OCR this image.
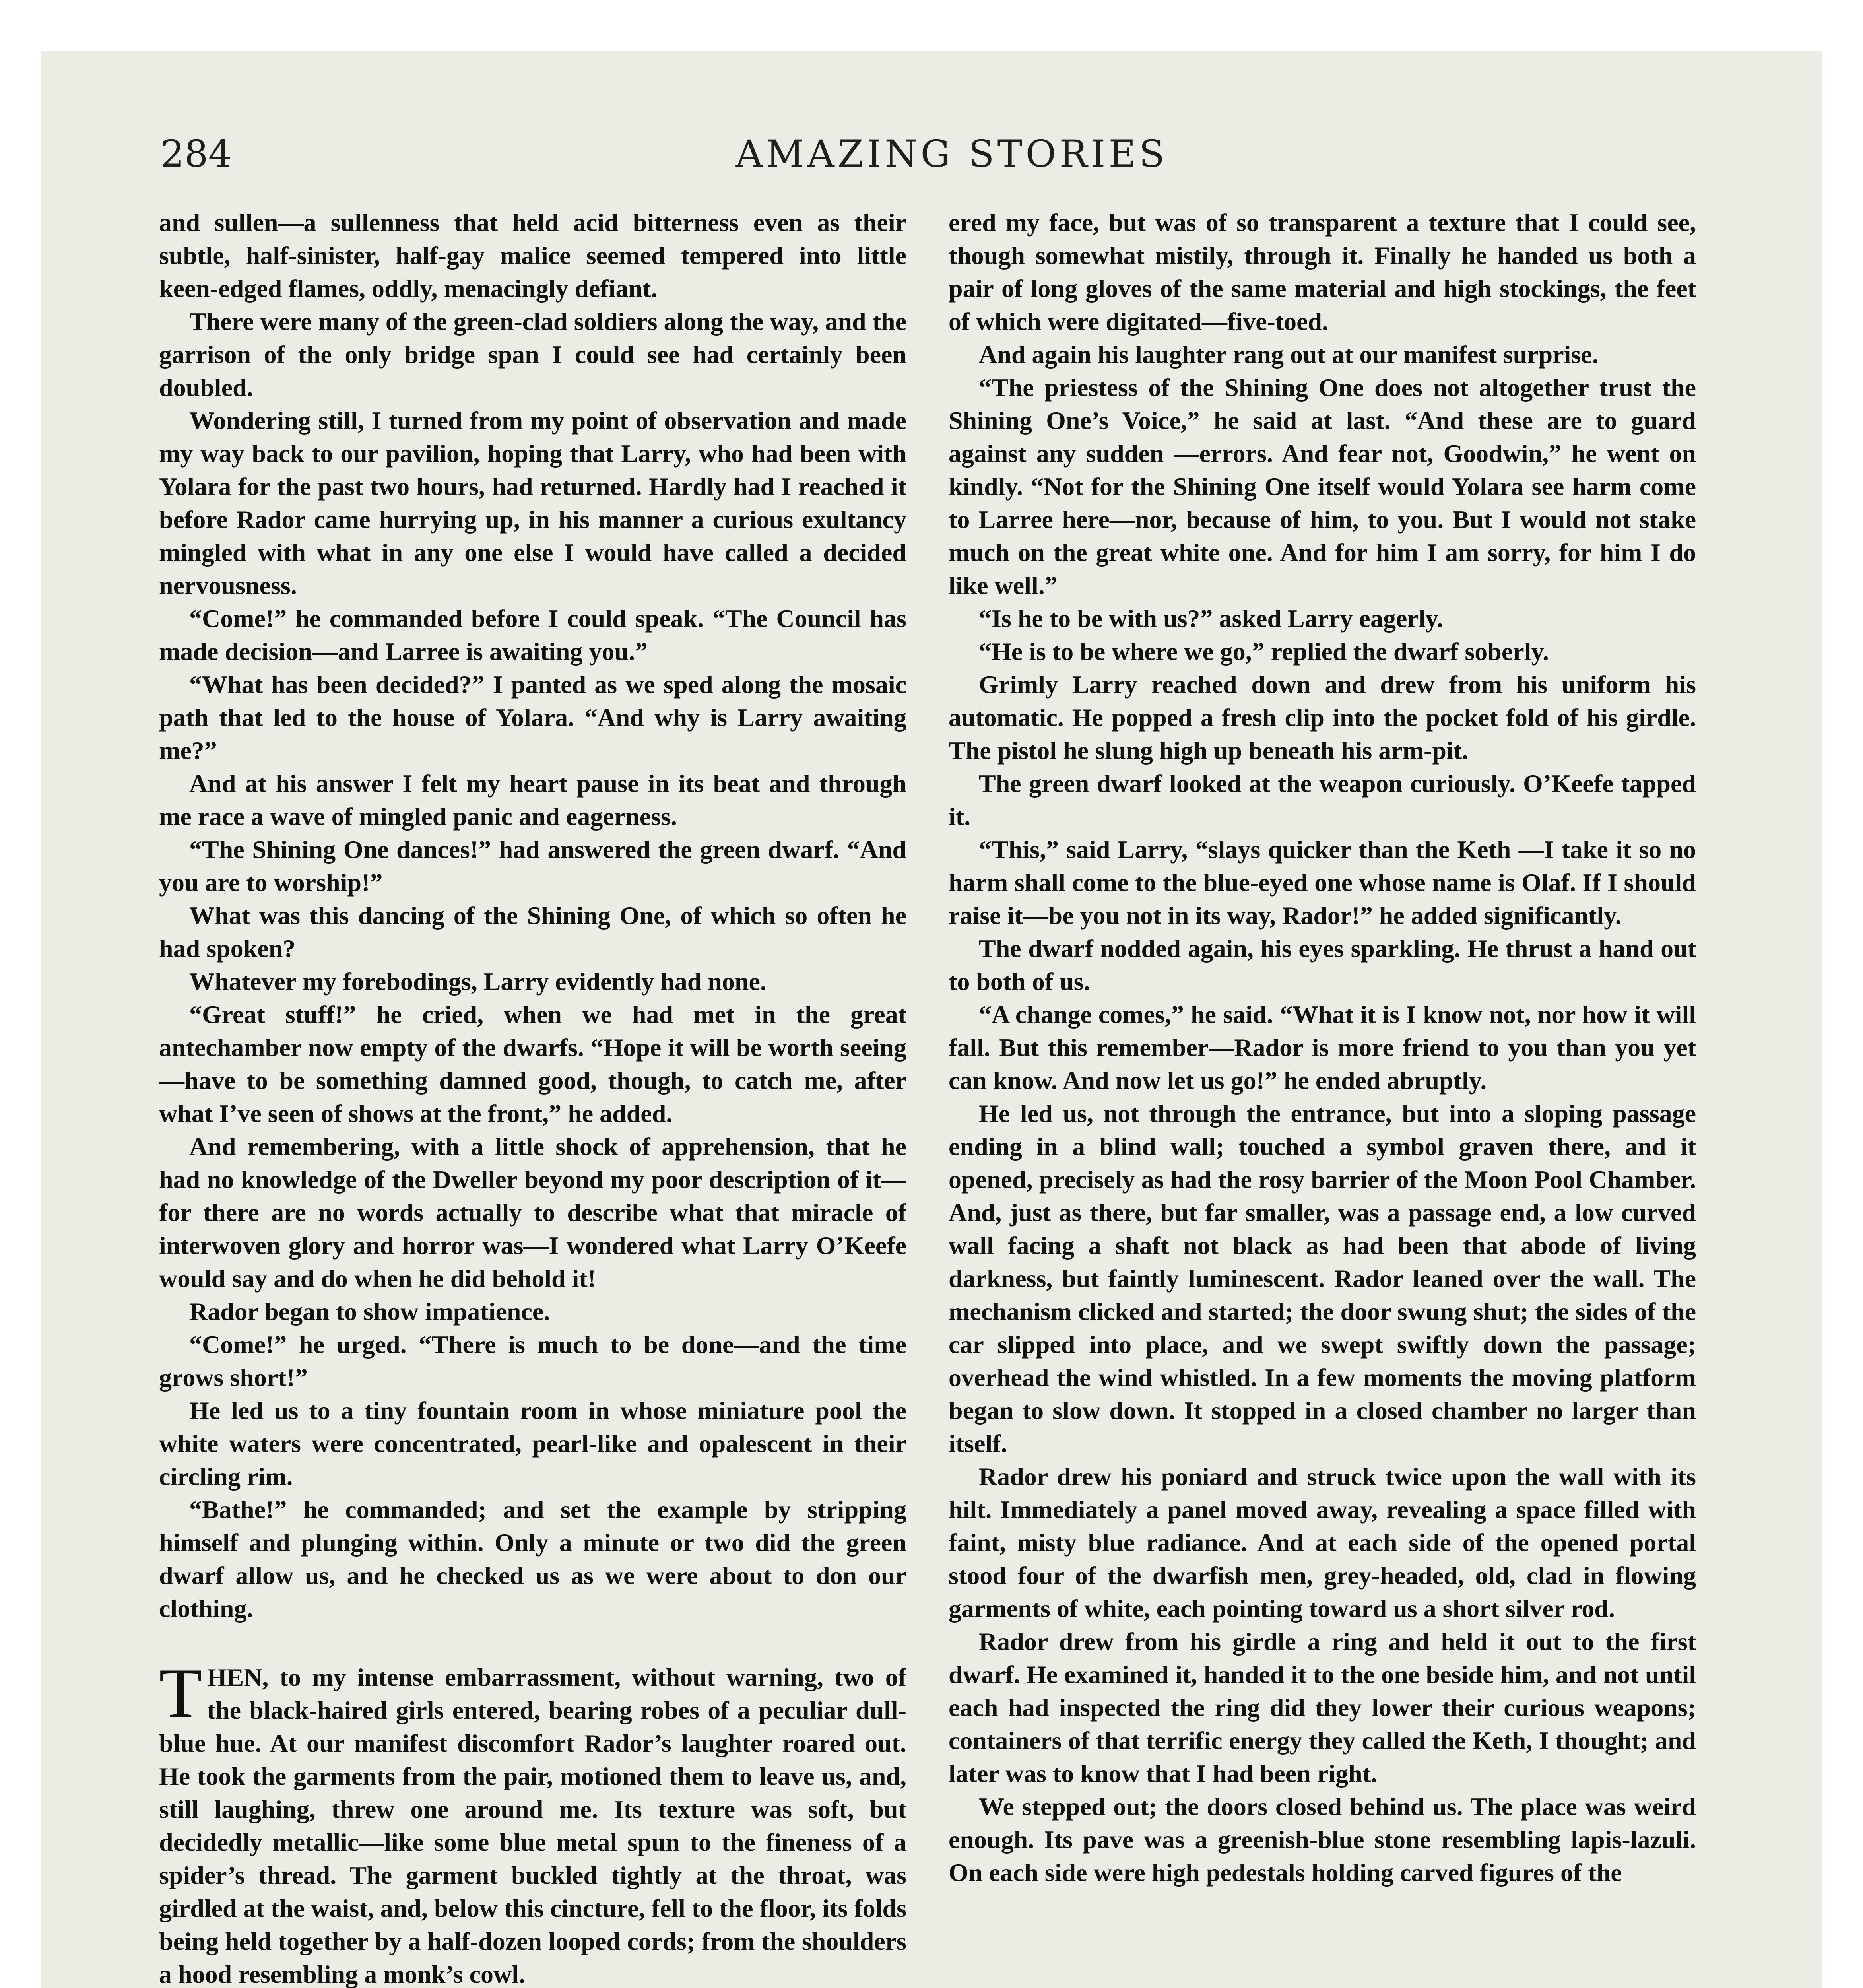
284	AMAZING STORIES

and sullen—a sullenness that held acid bitterness even as their subtle, half-sinister, half-gay malice seemed tempered into little keen-edged flames, oddly, menacingly defiant.

There were many of the green-clad soldiers along the way, and the garrison of the only bridge span I could see had certainly been doubled.

Wondering still, I turned from my point of observation and made my way back to our pavilion, hoping that Larry, who had been with Yolara for the past two hours, had returned. Hardly had I reached it before Rador came hurrying up, in his manner a curious exultancy mingled with what in any one else I would have called a decided nervousness.

“Come!” he commanded before I could speak. “The Council has made decision—and Larree is awaiting you.”

“What has been decided?” I panted as we sped along the mosaic path that led to the house of Yolara. “And why is Larry awaiting me?”

And at his answer I felt my heart pause in its beat and through me race a wave of mingled panic and eagerness.

“The Shining One dances!” had answered the green dwarf. “And you are to worship!”

What was this dancing of the Shining One, of which so often he had spoken?

Whatever my forebodings, Larry evidently had none.

“Great stuff!” he cried, when we had met in the great antechamber now empty of the dwarfs. “Hope it will be worth seeing—have to be something damned good, though, to catch me, after what I’ve seen of shows at the front,” he added.

And remembering, with a little shock of apprehension, that he had no knowledge of the Dweller beyond my poor description of it—for there are no words actually to describe what that miracle of interwoven glory and horror was—I wondered what Larry O’Keefe would say and do when he did behold it!

Rador began to show impatience.

“Come!” he urged. “There is much to be done—and the time grows short!”

He led us to a tiny fountain room in whose miniature pool the white waters were concentrated, pearl-like and opalescent in their circling rim.

“Bathe!” he commanded; and set the example by stripping himself and plunging within. Only a minute or two did the green dwarf allow us, and he checked us as we were about to don our clothing.

THEN, to my intense embarrassment, without warning, two of the black-haired girls entered, bearing robes of a peculiar dull-blue hue. At our manifest discomfort Rador’s laughter roared out. He took the garments from the pair, motioned them to leave us, and, still laughing, threw one around me. Its texture was soft, but decidedly metallic—like some blue metal spun to the fineness of a spider’s thread. The garment buckled tightly at the throat, was girdled at the waist, and, below this cincture, fell to the floor, its folds being held together by a half-dozen looped cords; from the shoulders a hood resembling a monk’s cowl.

ered my face, but was of so transparent a texture that I could see, though somewhat mistily, through it. Finally he handed us both a pair of long gloves of the same material and high stockings, the feet of which were digitated—five-toed.

And again his laughter rang out at our manifest surprise.

“The priestess of the Shining One does not altogether trust the Shining One’s Voice,” he said at last. “And these are to guard against any sudden —errors. And fear not, Goodwin,” he went on kindly. “Not for the Shining One itself would Yolara see harm come to Larree here—nor, because of him, to you. But I would not stake much on the great white one. And for him I am sorry, for him I do like well.”

“Is he to be with us?” asked Larry eagerly.

“He is to be where we go,” replied the dwarf soberly.

Grimly Larry reached down and drew from his uniform his automatic. He popped a fresh clip into the pocket fold of his girdle. The pistol he slung high up beneath his arm-pit.

The green dwarf looked at the weapon curiously. O’Keefe tapped it.

“This,” said Larry, “slays quicker than the Keth —I take it so no harm shall come to the blue-eyed one whose name is Olaf. If I should raise it—be you not in its way, Rador!” he added significantly.

The dwarf nodded again, his eyes sparkling. He thrust a hand out to both of us.

“A change comes,” he said. “What it is I know not, nor how it will fall. But this remember—Rador is more friend to you than you yet can know. And now let us go!” he ended abruptly.

He led us, not through the entrance, but into a sloping passage ending in a blind wall; touched a symbol graven there, and it opened, precisely as had the rosy barrier of the Moon Pool Chamber. And, just as there, but far smaller, was a passage end, a low curved wall facing a shaft not black as had been that abode of living darkness, but faintly luminescent. Rador leaned over the wall. The mechanism clicked and started; the door swung shut; the sides of the car slipped into place, and we swept swiftly down the passage; overhead the wind whistled. In a few moments the moving platform began to slow down. It stopped in a closed chamber no larger than itself.

Rador drew his poniard and struck twice upon the wall with its hilt. Immediately a panel moved away, revealing a space filled with faint, misty blue radiance. And at each side of the opened portal stood four of the dwarfish men, grey-headed, old, clad in flowing garments of white, each pointing toward us a short silver rod.

Rador drew from his girdle a ring and held it out to the first dwarf. He examined it, handed it to the one beside him, and not until each had inspected the ring did they lower their curious weapons; containers of that terrific energy they called the Keth, I thought; and later was to know that I had been right.

We stepped out; the doors closed behind us. The place was weird enough. Its pave was a greenish-blue stone resembling lapis-lazuli. On each side were high pedestals holding carved figures of the
